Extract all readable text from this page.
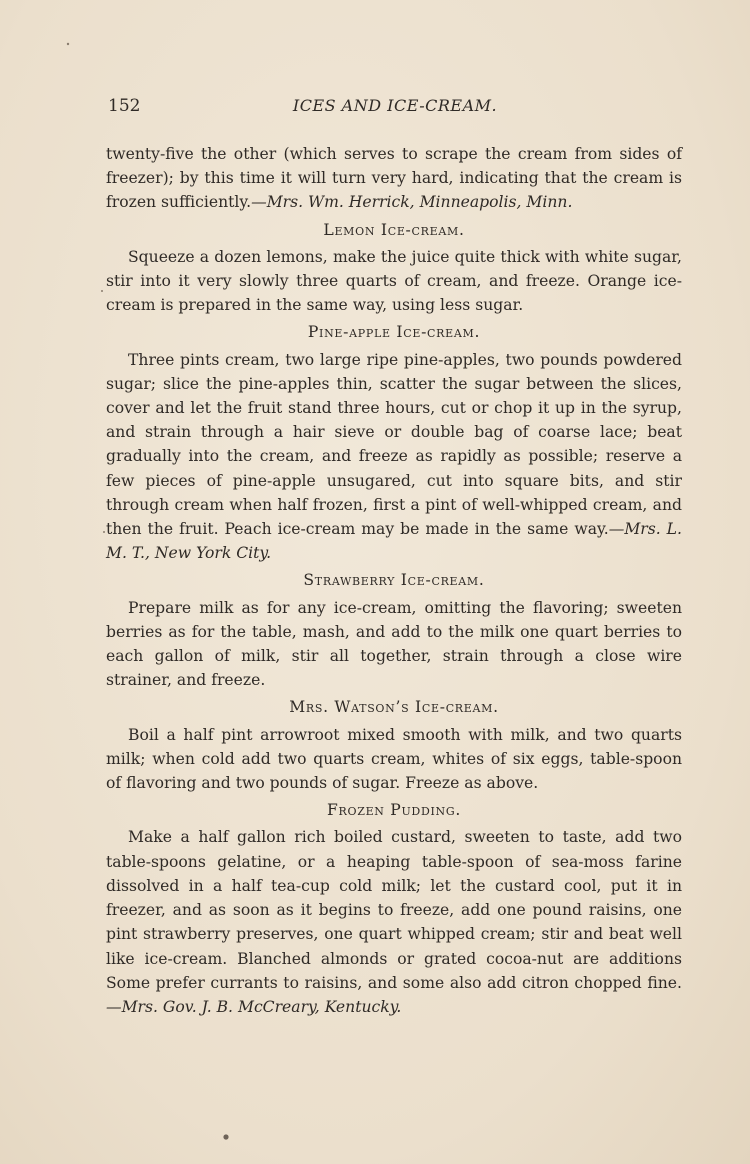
152	ICES AND ICE-CREAM.

twenty-five the other (which serves to scrape the cream from sides of freezer); by this time it will turn very hard, indicating that the cream is frozen sufficiently.—Mrs. Wm. Herrick, Minneapolis, Minn.

Lemon Ice-cream.

Squeeze a dozen lemons, make the juice quite thick with white sugar, stir into it very slowly three quarts of cream, and freeze. Orange ice-cream is prepared in the same way, using less sugar.

Pine-apple Ice-cream.

Three pints cream, two large ripe pine-apples, two pounds powdered sugar; slice the pine-apples thin, scatter the sugar between the slices, cover and let the fruit stand three hours, cut or chop it up in the syrup, and strain through a hair sieve or double bag of coarse lace; beat gradually into the cream, and freeze as rapidly as possible; reserve a few pieces of pine-apple unsugared, cut into square bits, and stir through cream when half frozen, first a pint of well-whipped cream, and then the fruit. Peach ice-cream may be made in the same way.—Mrs. L. M. T., New York City.

Strawberry Ice-cream.

Prepare milk as for any ice-cream, omitting the flavoring; sweeten berries as for the table, mash, and add to the milk one quart berries to each gallon of milk, stir all together, strain through a close wire strainer, and freeze.

Mrs. Watson’s Ice-cream.

Boil a half pint arrowroot mixed smooth with milk, and two quarts milk; when cold add two quarts cream, whites of six eggs, table-spoon of flavoring and two pounds of sugar. Freeze as above.

Frozen Pudding.

Make a half gallon rich boiled custard, sweeten to taste, add two table-spoons gelatine, or a heaping table-spoon of sea-moss farine dissolved in a half tea-cup cold milk; let the custard cool, put it in freezer, and as soon as it begins to freeze, add one pound raisins, one pint strawberry preserves, one quart whipped cream; stir and beat well like ice-cream. Blanched almonds or grated cocoa-nut are additions Some prefer currants to raisins, and some also add citron chopped fine.—Mrs. Gov. J. B. McCreary, Kentucky.
